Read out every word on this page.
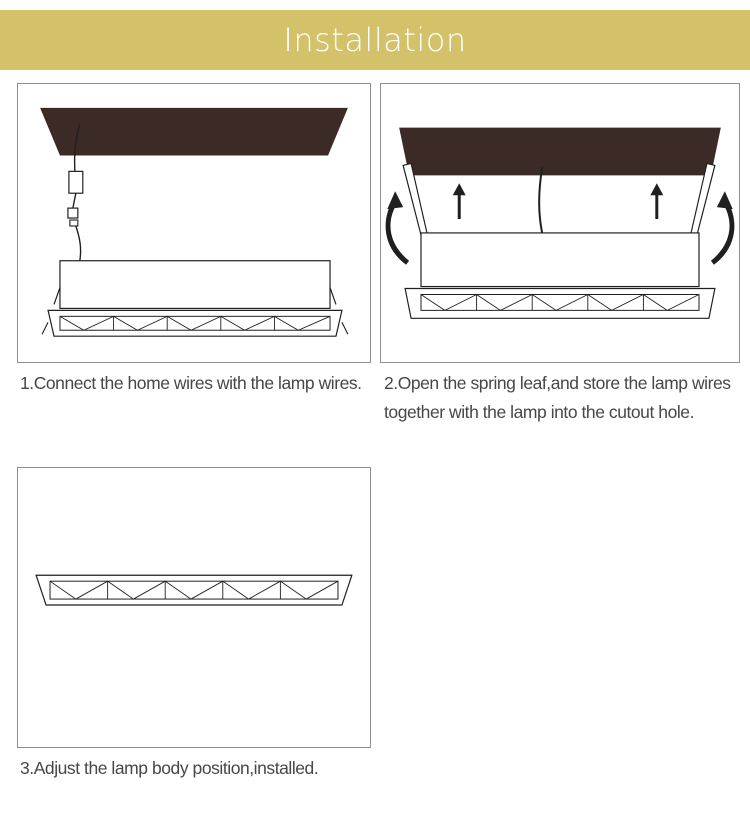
Installation

1.Connect the home wires with the lamp wires. 2.Open the spring leaf,and store the lamp wires together with the lamp into the cutout hole.

3.Adjust the lamp body position,installed.
